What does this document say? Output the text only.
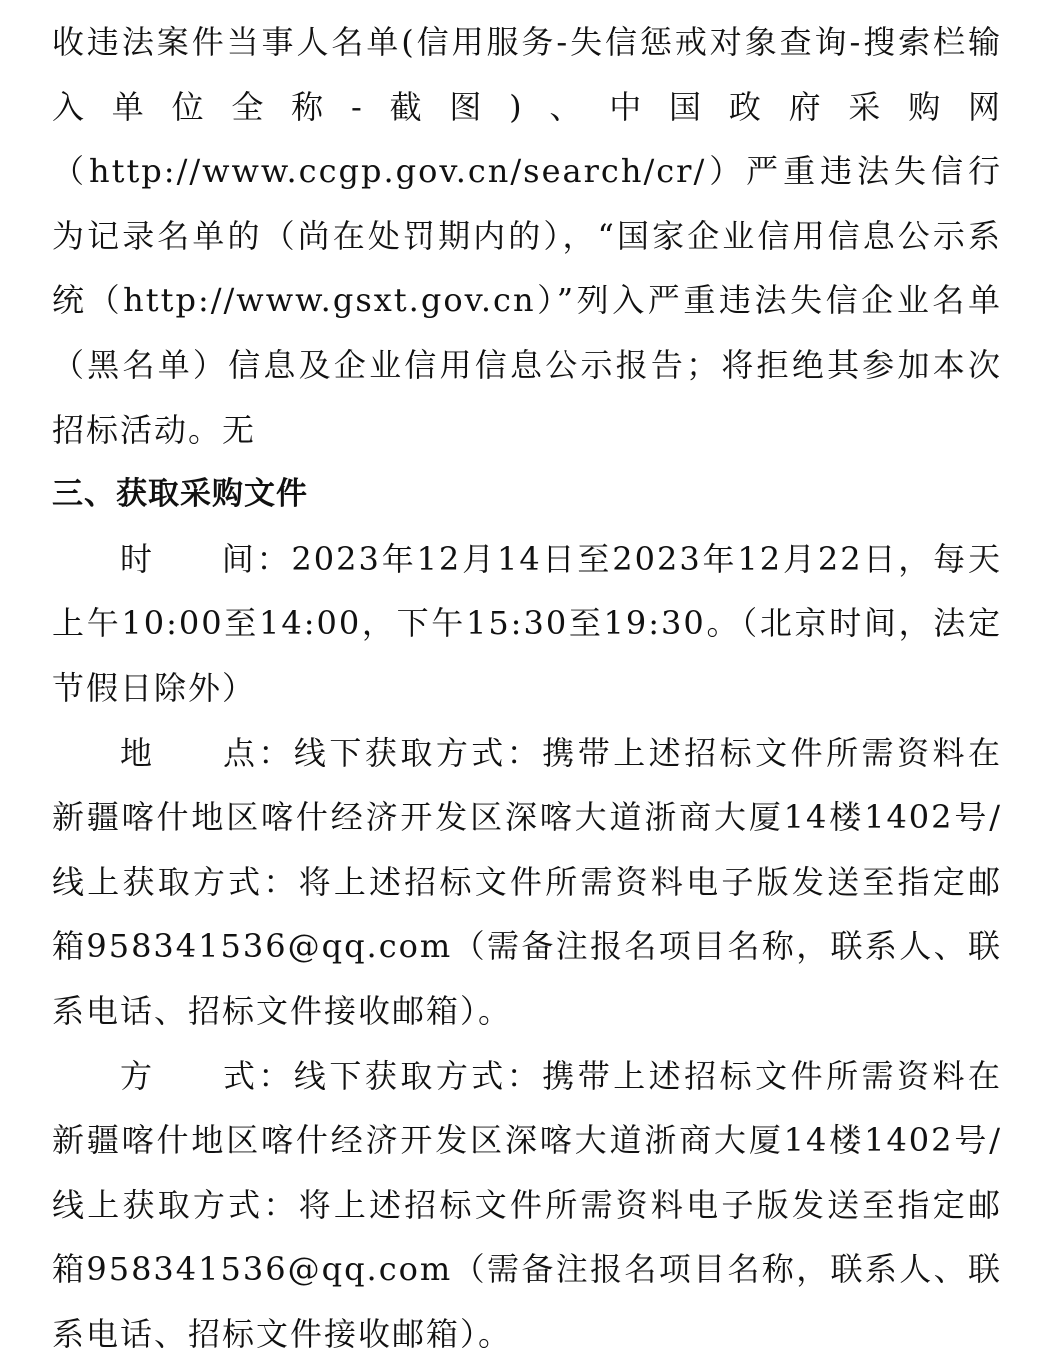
收违法案件当事人名单(信用服务-失信惩戒对象查询-搜索栏输入单位全称-截图)、中国政府采购网（http://www.ccgp.gov.cn/search/cr/）严重违法失信行为记录名单的（尚在处罚期内的），“国家企业信用信息公示系统（http://www.gsxt.gov.cn）”列入严重违法失信企业名单（黑名单）信息及企业信用信息公示报告；将拒绝其参加本次招标活动。无

三、获取采购文件

时 间：2023年12月14日至2023年12月22日，每天上午10:00至14:00，下午15:30至19:30。（北京时间，法定节假日除外）

地 点：线下获取方式：携带上述招标文件所需资料在新疆喀什地区喀什经济开发区深喀大道浙商大厦14楼1402号/线上获取方式：将上述招标文件所需资料电子版发送至指定邮箱958341536@qq.com（需备注报名项目名称，联系人、联系电话、招标文件接收邮箱）。

方 式：线下获取方式：携带上述招标文件所需资料在新疆喀什地区喀什经济开发区深喀大道浙商大厦14楼1402号/线上获取方式：将上述招标文件所需资料电子版发送至指定邮箱958341536@qq.com（需备注报名项目名称，联系人、联系电话、招标文件接收邮箱）。
